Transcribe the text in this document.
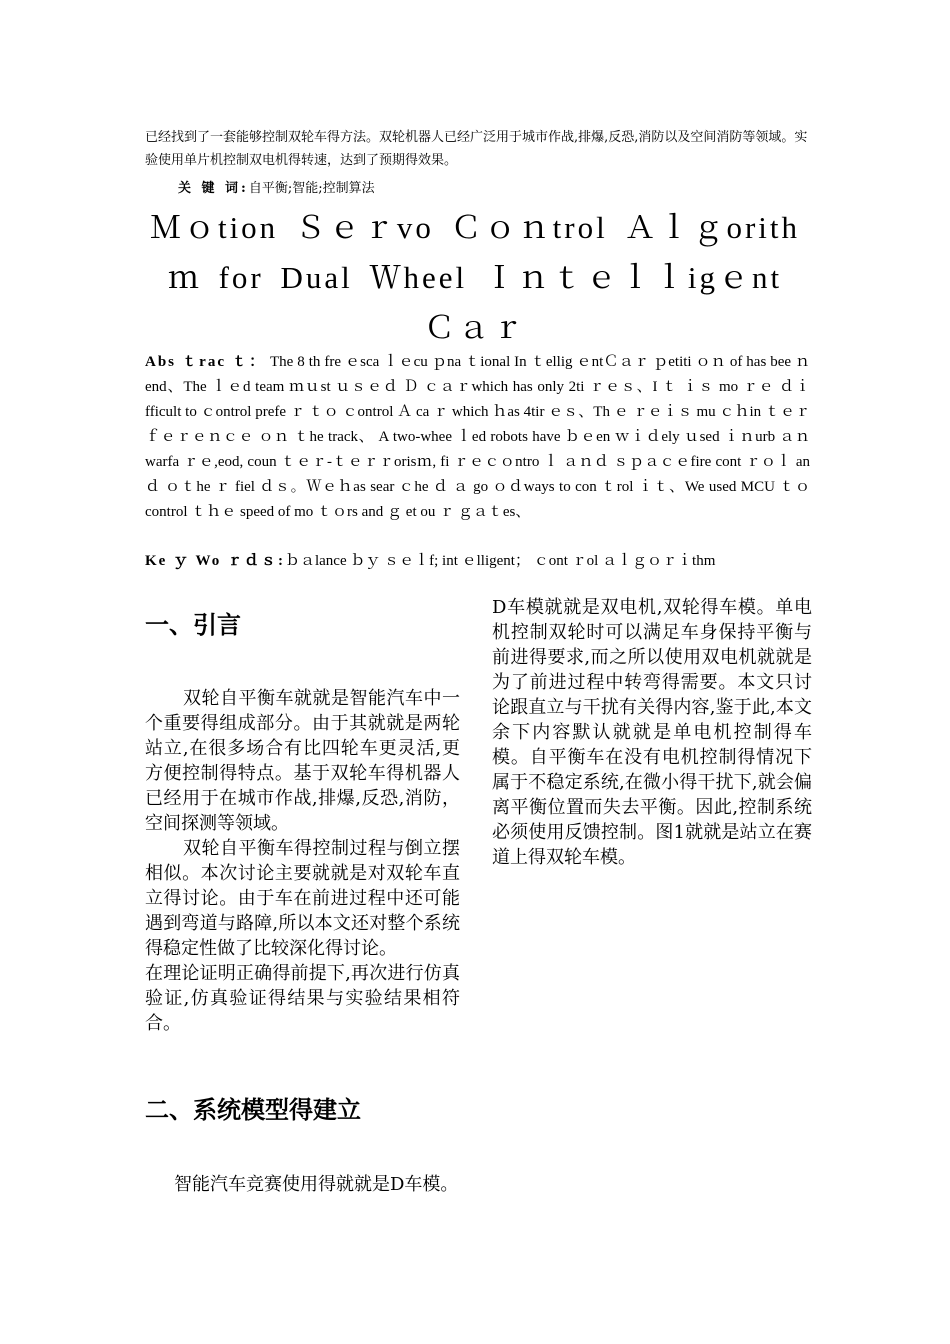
已经找到了一套能够控制双轮车得方法。双轮机器人已经广泛用于城市作战,排爆,反恐,消防以及空间消防等领域。实验使用单片机控制双电机得转速，达到了预期得效果。
关 键 词:自平衡;智能;控制算法
Ｍｏtion Ｓｅｒvo Ｃｏｎtrol Ａｌｇorithｍ for Dual Ｗheel Ｉｎｔｅｌｌigｅnt Ｃａｒ
Abs ｔrac ｔ： The 8 th fre ｅsca ｌｅcu ｐna ｔional In ｔellig ｅntＣａｒ ｐetiti ｏｎ of has bee ｎ end、The ｌｅd team ｍｕst ｕｓｅｄ Ｄ ｃａｒwhich has only 2ti ｒｅｓ、I ｔ ｉｓ mo ｒｅ ｄｉfficult to ｃontrol prefe ｒ ｔｏ ｃontrol Ａ ca ｒ which ｈas 4tir ｅｓ、Th ｅ ｒｅｉｓ mu ｃｈin ｔｅｒｆｅｒｅｎｃｅ ｏｎ ｔhe track、 A two-whee ｌed robots have ｂｅen ｗｉｄely ｕsed ｉｎurb ａｎwarfa ｒｅ,eod, coun ｔｅｒ-ｔｅｒｒorisｍ, fi ｒｅｃｏntro ｌ ａｎｄ ｓｐａｃｅfire cont ｒｏｌ an ｄ ｏｔhe ｒ fiel ｄｓ。Ｗｅｈas sear ｃhe ｄ ａ go ｏｄways to con ｔrol ｉｔ、We used MCU ｔｏcontrol ｔｈｅ speed of mo ｔｏrs and ｇ et ou ｒ ｇａｔes、
Ke ｙ Wo ｒｄｓ:ｂａlance ｂｙ ｓｅｌf; int ｅlligent； ｃont ｒol ａｌｇｏｒｉthm
一、引言

双轮自平衡车就就是智能汽车中一个重要得组成部分。由于其就就是两轮站立,在很多场合有比四轮车更灵活,更方便控制得特点。基于双轮车得机器人已经用于在城市作战,排爆,反恐,消防，空间探测等领域。

双轮自平衡车得控制过程与倒立摆相似。本次讨论主要就就是对双轮车直立得讨论。由于车在前进过程中还可能遇到弯道与路障,所以本文还对整个系统得稳定性做了比较深化得讨论。

在理论证明正确得前提下,再次进行仿真验证,仿真验证得结果与实验结果相符合。

D车模就就是双电机,双轮得车模。单电机控制双轮时可以满足车身保持平衡与前进得要求,而之所以使用双电机就就是为了前进过程中转弯得需要。本文只讨论跟直立与干扰有关得内容,鉴于此,本文余下内容默认就就是单电机控制得车模。自平衡车在没有电机控制得情况下属于不稳定系统,在微小得干扰下,就会偏离平衡位置而失去平衡。因此,控制系统必须使用反馈控制。图1就就是站立在赛道上得双轮车模。

二、系统模型得建立
智能汽车竞赛使用得就就是D车模。
